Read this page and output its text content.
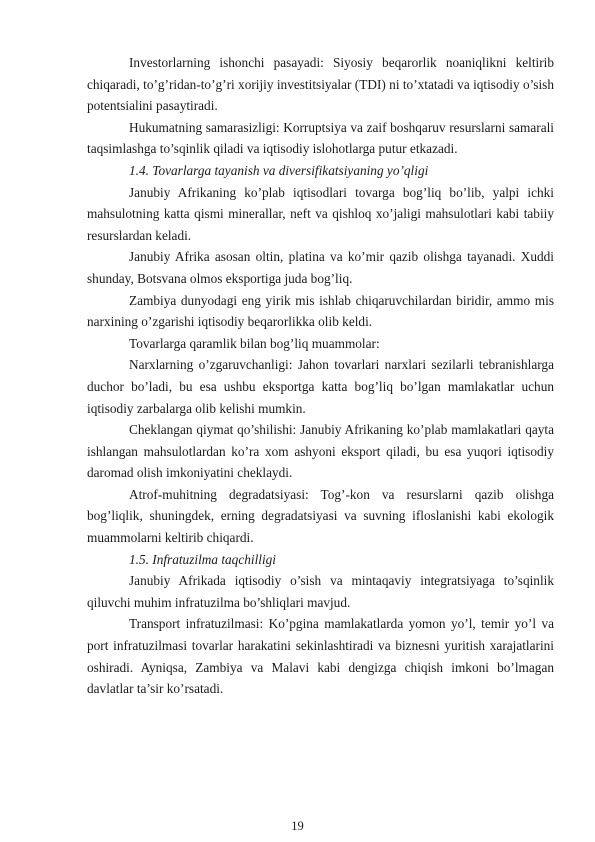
Investorlarning ishonchi pasayadi: Siyosiy beqarorlik noaniqlikni keltirib chiqaradi, to’g’ridan-to’g’ri xorijiy investitsiyalar (TDI) ni to’xtatadi va iqtisodiy o’sish potentsialini pasaytiradi.

Hukumatning samarasizligi: Korruptsiya va zaif boshqaruv resurslarni samarali taqsimlashga to’sqinlik qiladi va iqtisodiy islohotlarga putur etkazadi.

1.4. Tovarlarga tayanish va diversifikatsiyaning yo’qligi

Janubiy Afrikaning ko’plab iqtisodlari tovarga bog’liq bo’lib, yalpi ichki mahsulotning katta qismi minerallar, neft va qishloq xo’jaligi mahsulotlari kabi tabiiy resurslardan keladi.

Janubiy Afrika asosan oltin, platina va ko’mir qazib olishga tayanadi. Xuddi shunday, Botsvana olmos eksportiga juda bog’liq.

Zambiya dunyodagi eng yirik mis ishlab chiqaruvchilardan biridir, ammo mis narxining o’zgarishi iqtisodiy beqarorlikka olib keldi.

Tovarlarga qaramlik bilan bog’liq muammolar:

Narxlarning o’zgaruvchanligi: Jahon tovarlari narxlari sezilarli tebranishlarga duchor bo’ladi, bu esa ushbu eksportga katta bog’liq bo’lgan mamlakatlar uchun iqtisodiy zarbalarga olib kelishi mumkin.

Cheklangan qiymat qo’shilishi: Janubiy Afrikaning ko’plab mamlakatlari qayta ishlangan mahsulotlardan ko’ra xom ashyoni eksport qiladi, bu esa yuqori iqtisodiy daromad olish imkoniyatini cheklaydi.

Atrof-muhitning degradatsiyasi: Tog’-kon va resurslarni qazib olishga bog’liqlik, shuningdek, erning degradatsiyasi va suvning ifloslanishi kabi ekologik muammolarni keltirib chiqardi.

1.5. Infratuzilma taqchilligi

Janubiy Afrikada iqtisodiy o’sish va mintaqaviy integratsiyaga to’sqinlik qiluvchi muhim infratuzilma bo’shliqlari mavjud.

Transport infratuzilmasi: Ko’pgina mamlakatlarda yomon yo’l, temir yo’l va port infratuzilmasi tovarlar harakatini sekinlashtiradi va biznesni yuritish xarajatlarini oshiradi. Ayniqsa, Zambiya va Malavi kabi dengizga chiqish imkoni bo’lmagan davlatlar ta’sir ko’rsatadi.

19
